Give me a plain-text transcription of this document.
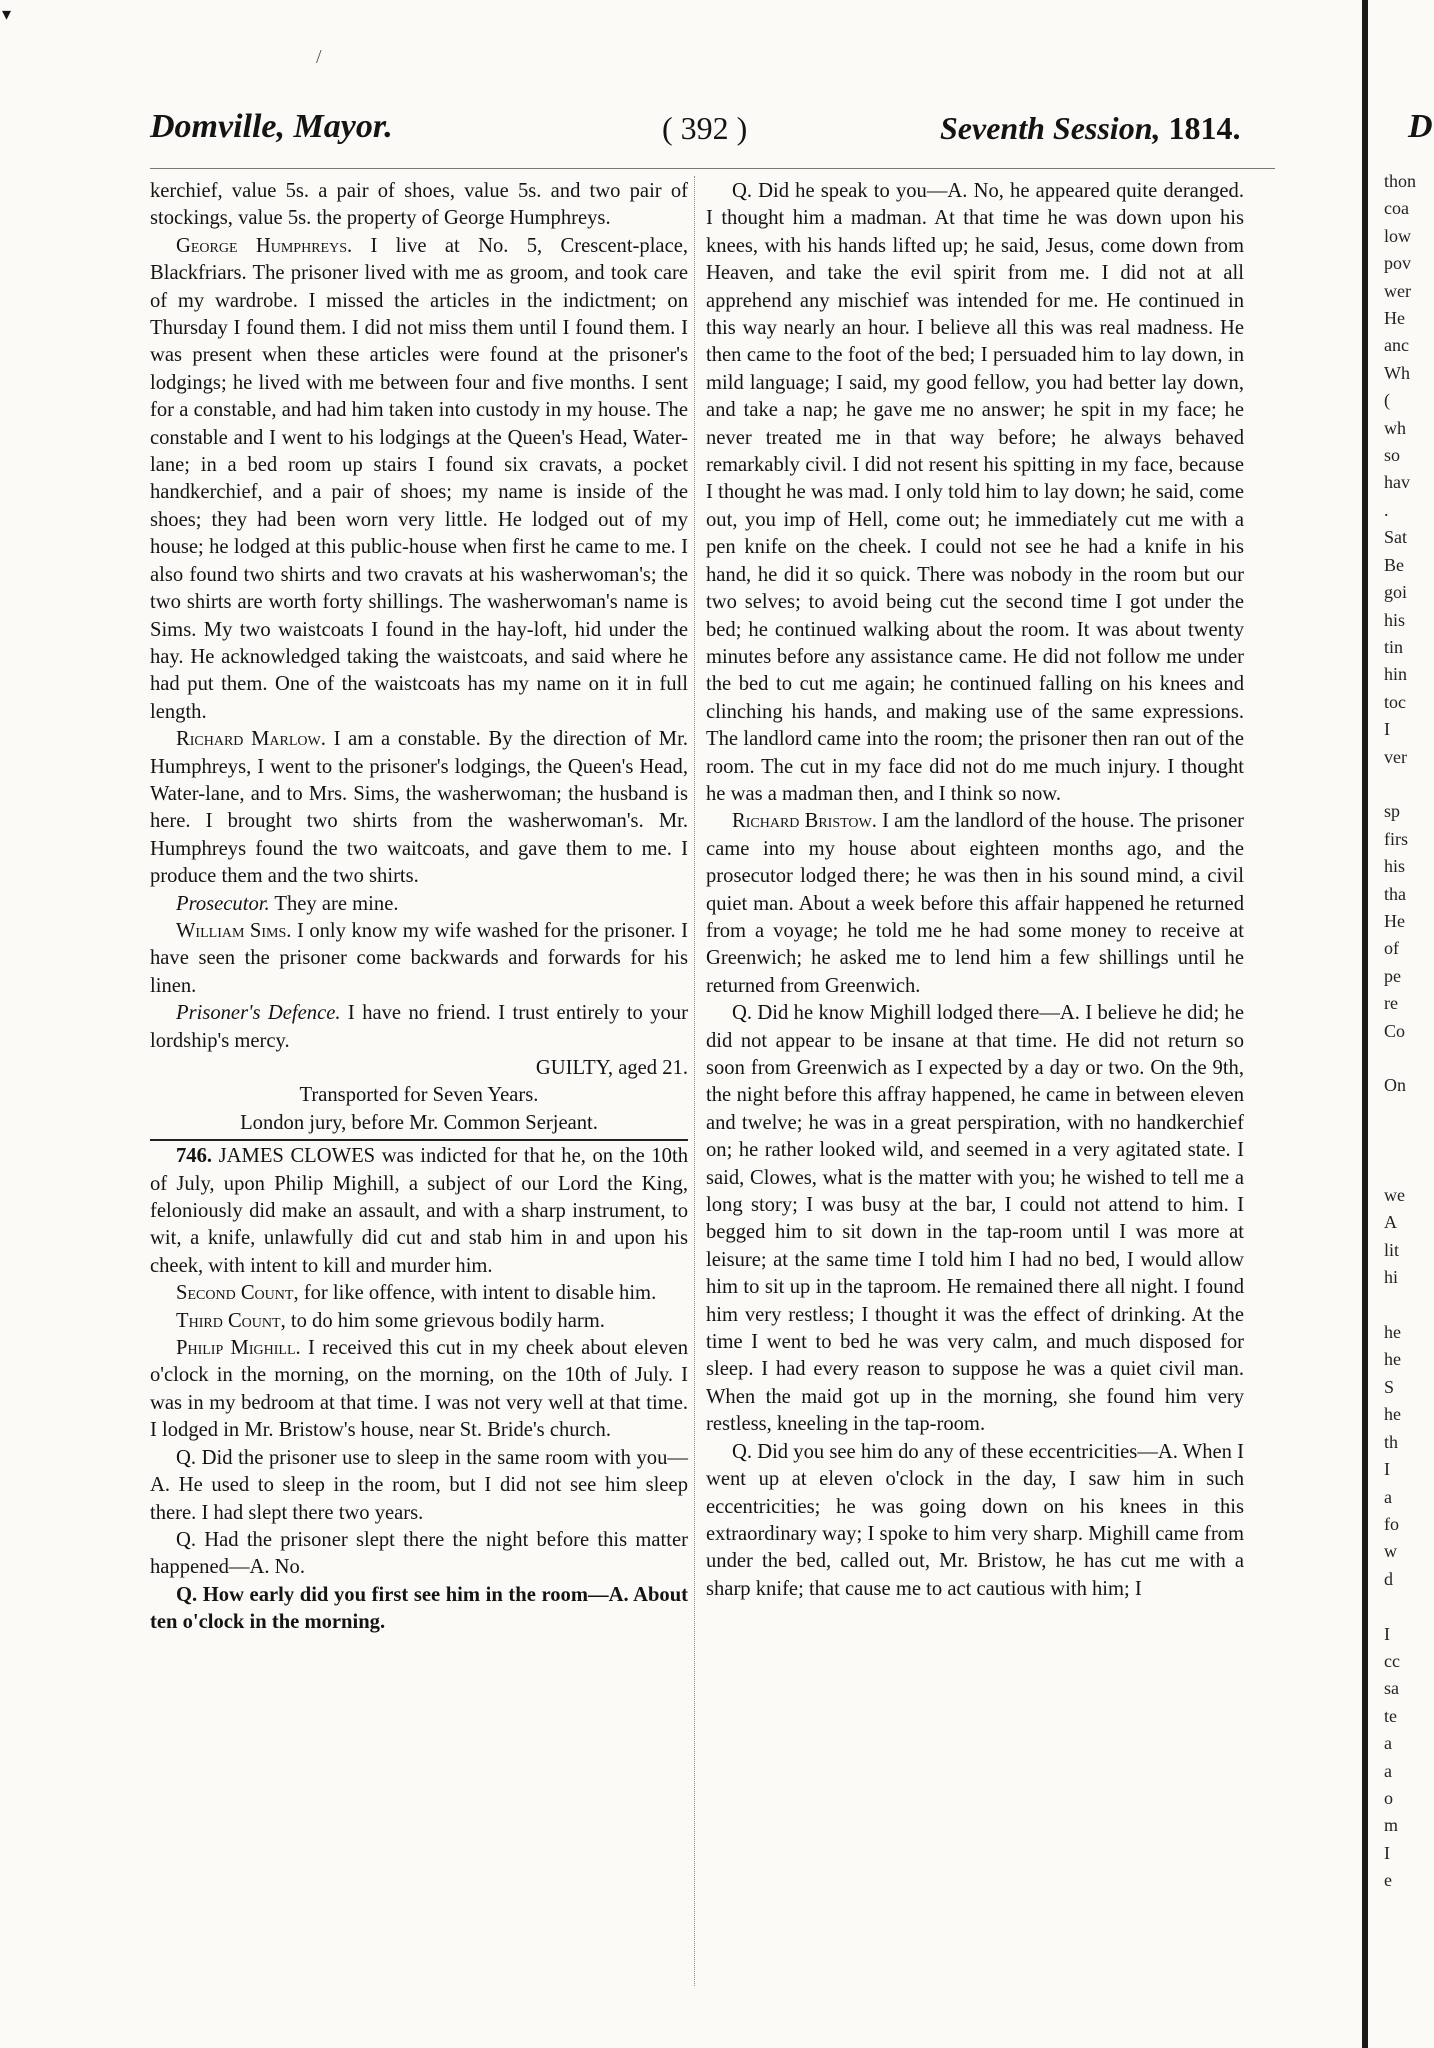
▾
/
Domville, Mayor.	( 392 )	Seventh Session, 1814.	D

kerchief, value 5s. a pair of shoes, value 5s. and two pair of stockings, value 5s. the property of George Humphreys.

George Humphreys. I live at No. 5, Crescent-place, Blackfriars. The prisoner lived with me as groom, and took care of my wardrobe. I missed the articles in the indictment; on Thursday I found them. I did not miss them until I found them. I was present when these articles were found at the prisoner's lodgings; he lived with me between four and five months. I sent for a constable, and had him taken into custody in my house. The constable and I went to his lodgings at the Queen's Head, Water-lane; in a bed room up stairs I found six cravats, a pocket handkerchief, and a pair of shoes; my name is inside of the shoes; they had been worn very little. He lodged out of my house; he lodged at this public-house when first he came to me. I also found two shirts and two cravats at his washerwoman's; the two shirts are worth forty shillings. The washerwoman's name is Sims. My two waistcoats I found in the hay-loft, hid under the hay. He acknowledged taking the waistcoats, and said where he had put them. One of the waistcoats has my name on it in full length.

Richard Marlow. I am a constable. By the direction of Mr. Humphreys, I went to the prisoner's lodgings, the Queen's Head, Water-lane, and to Mrs. Sims, the washerwoman; the husband is here. I brought two shirts from the washerwoman's. Mr. Humphreys found the two waitcoats, and gave them to me. I produce them and the two shirts.

Prosecutor. They are mine.

William Sims. I only know my wife washed for the prisoner. I have seen the prisoner come backwards and forwards for his linen.

Prisoner's Defence. I have no friend. I trust entirely to your lordship's mercy.

GUILTY, aged 21.

Transported for Seven Years.

London jury, before Mr. Common Serjeant.

746. JAMES CLOWES was indicted for that he, on the 10th of July, upon Philip Mighill, a subject of our Lord the King, feloniously did make an assault, and with a sharp instrument, to wit, a knife, unlawfully did cut and stab him in and upon his cheek, with intent to kill and murder him.

Second Count, for like offence, with intent to disable him.

Third Count, to do him some grievous bodily harm.

Philip Mighill. I received this cut in my cheek about eleven o'clock in the morning, on the morning, on the 10th of July. I was in my bedroom at that time. I was not very well at that time. I lodged in Mr. Bristow's house, near St. Bride's church.

Q. Did the prisoner use to sleep in the same room with you—A. He used to sleep in the room, but I did not see him sleep there. I had slept there two years.

Q. Had the prisoner slept there the night before this matter happened—A. No.

Q. How early did you first see him in the room—A. About ten o'clock in the morning.

Q. Did he speak to you—A. No, he appeared quite deranged. I thought him a madman. At that time he was down upon his knees, with his hands lifted up; he said, Jesus, come down from Heaven, and take the evil spirit from me. I did not at all apprehend any mischief was intended for me. He continued in this way nearly an hour. I believe all this was real madness. He then came to the foot of the bed; I persuaded him to lay down, in mild language; I said, my good fellow, you had better lay down, and take a nap; he gave me no answer; he spit in my face; he never treated me in that way before; he always behaved remarkably civil. I did not resent his spitting in my face, because I thought he was mad. I only told him to lay down; he said, come out, you imp of Hell, come out; he immediately cut me with a pen knife on the cheek. I could not see he had a knife in his hand, he did it so quick. There was nobody in the room but our two selves; to avoid being cut the second time I got under the bed; he continued walking about the room. It was about twenty minutes before any assistance came. He did not follow me under the bed to cut me again; he continued falling on his knees and clinching his hands, and making use of the same expressions. The landlord came into the room; the prisoner then ran out of the room. The cut in my face did not do me much injury. I thought he was a madman then, and I think so now.

Richard Bristow. I am the landlord of the house. The prisoner came into my house about eighteen months ago, and the prosecutor lodged there; he was then in his sound mind, a civil quiet man. About a week before this affair happened he returned from a voyage; he told me he had some money to receive at Greenwich; he asked me to lend him a few shillings until he returned from Greenwich.

Q. Did he know Mighill lodged there—A. I believe he did; he did not appear to be insane at that time. He did not return so soon from Greenwich as I expected by a day or two. On the 9th, the night before this affray happened, he came in between eleven and twelve; he was in a great perspiration, with no handkerchief on; he rather looked wild, and seemed in a very agitated state. I said, Clowes, what is the matter with you; he wished to tell me a long story; I was busy at the bar, I could not attend to him. I begged him to sit down in the tap-room until I was more at leisure; at the same time I told him I had no bed, I would allow him to sit up in the taproom. He remained there all night. I found him very restless; I thought it was the effect of drinking. At the time I went to bed he was very calm, and much disposed for sleep. I had every reason to suppose he was a quiet civil man. When the maid got up in the morning, she found him very restless, kneeling in the tap-room.

Q. Did you see him do any of these eccentricities—A. When I went up at eleven o'clock in the day, I saw him in such eccentricities; he was going down on his knees in this extraordinary way; I spoke to him very sharp. Mighill came from under the bed, called out, Mr. Bristow, he has cut me with a sharp knife; that cause me to act cautious with him; I

thon
coa
low
pov
wer
He
anc
Wh
(
wh
so
hav
.
Sat
Be
goi
his
tin
hin
toc
I
ver

sp
firs
his
tha
He
of
pe
re
Co

On

we
A
lit
hi

he
he
S
he
th
I
a
fo
w
d

I
cc
sa
te
a
a
o
m
I
e
